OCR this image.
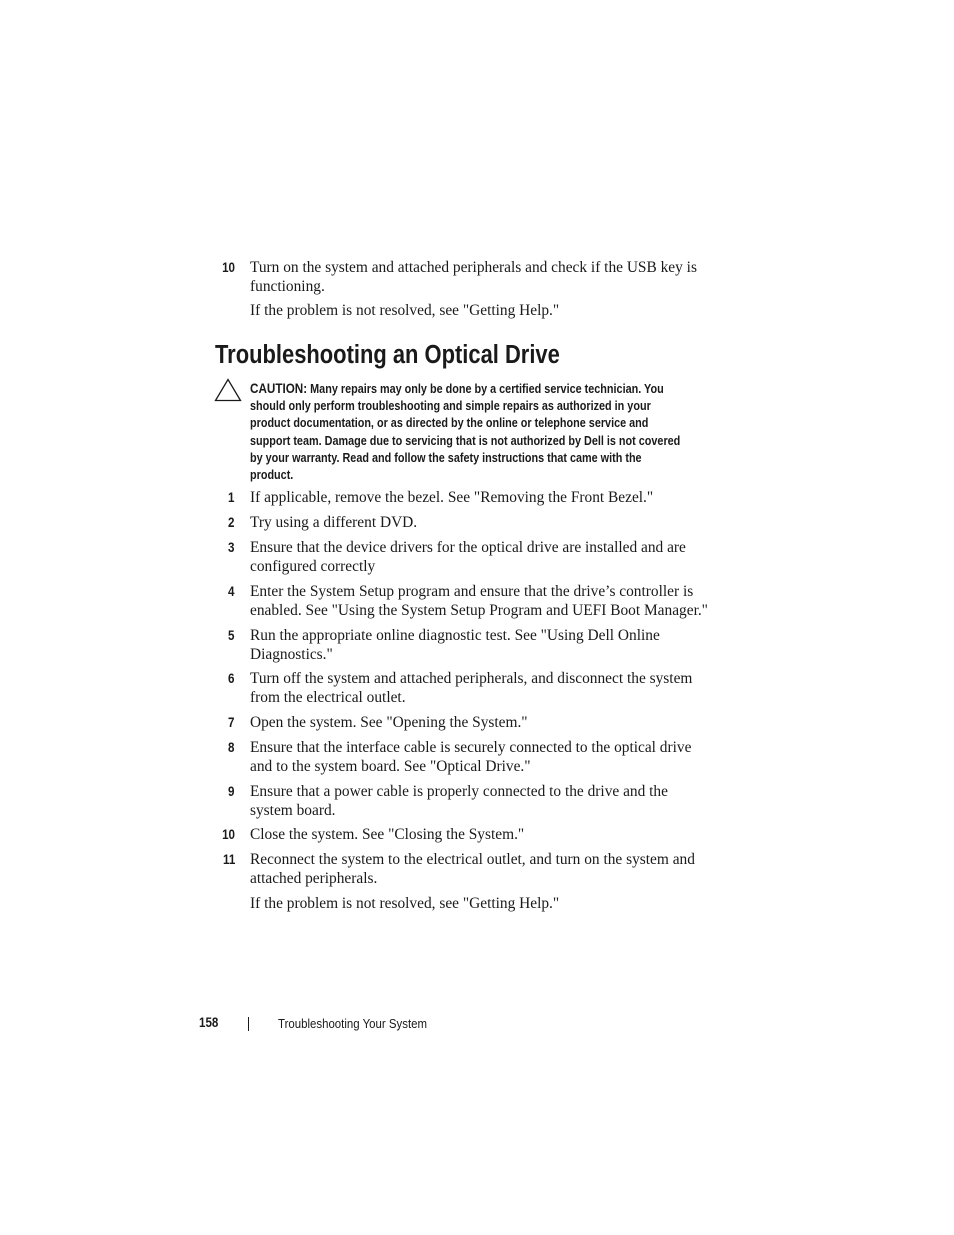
10 Turn on the system and attached peripherals and check if the USB key is
functioning.
If the problem is not resolved, see "Getting Help."
Troubleshooting an Optical Drive
CAUTION: Many repairs may only be done by a certified service technician. You
should only perform troubleshooting and simple repairs as authorized in your
product documentation, or as directed by the online or telephone service and
support team. Damage due to servicing that is not authorized by Dell is not covered
by your warranty. Read and follow the safety instructions that came with the
product.
1 If applicable, remove the bezel. See "Removing the Front Bezel."
2 Try using a different DVD.
3 Ensure that the device drivers for the optical drive are installed and are
configured correctly
4 Enter the System Setup program and ensure that the drive’s controller is
enabled. See "Using the System Setup Program and UEFI Boot Manager."
5 Run the appropriate online diagnostic test. See "Using Dell Online
Diagnostics."
6 Turn off the system and attached peripherals, and disconnect the system
from the electrical outlet.
7 Open the system. See "Opening the System."
8 Ensure that the interface cable is securely connected to the optical drive
and to the system board. See "Optical Drive."
9 Ensure that a power cable is properly connected to the drive and the
system board.
10 Close the system. See "Closing the System."
11 Reconnect the system to the electrical outlet, and turn on the system and
attached peripherals.
If the problem is not resolved, see "Getting Help."
158	Troubleshooting Your System
